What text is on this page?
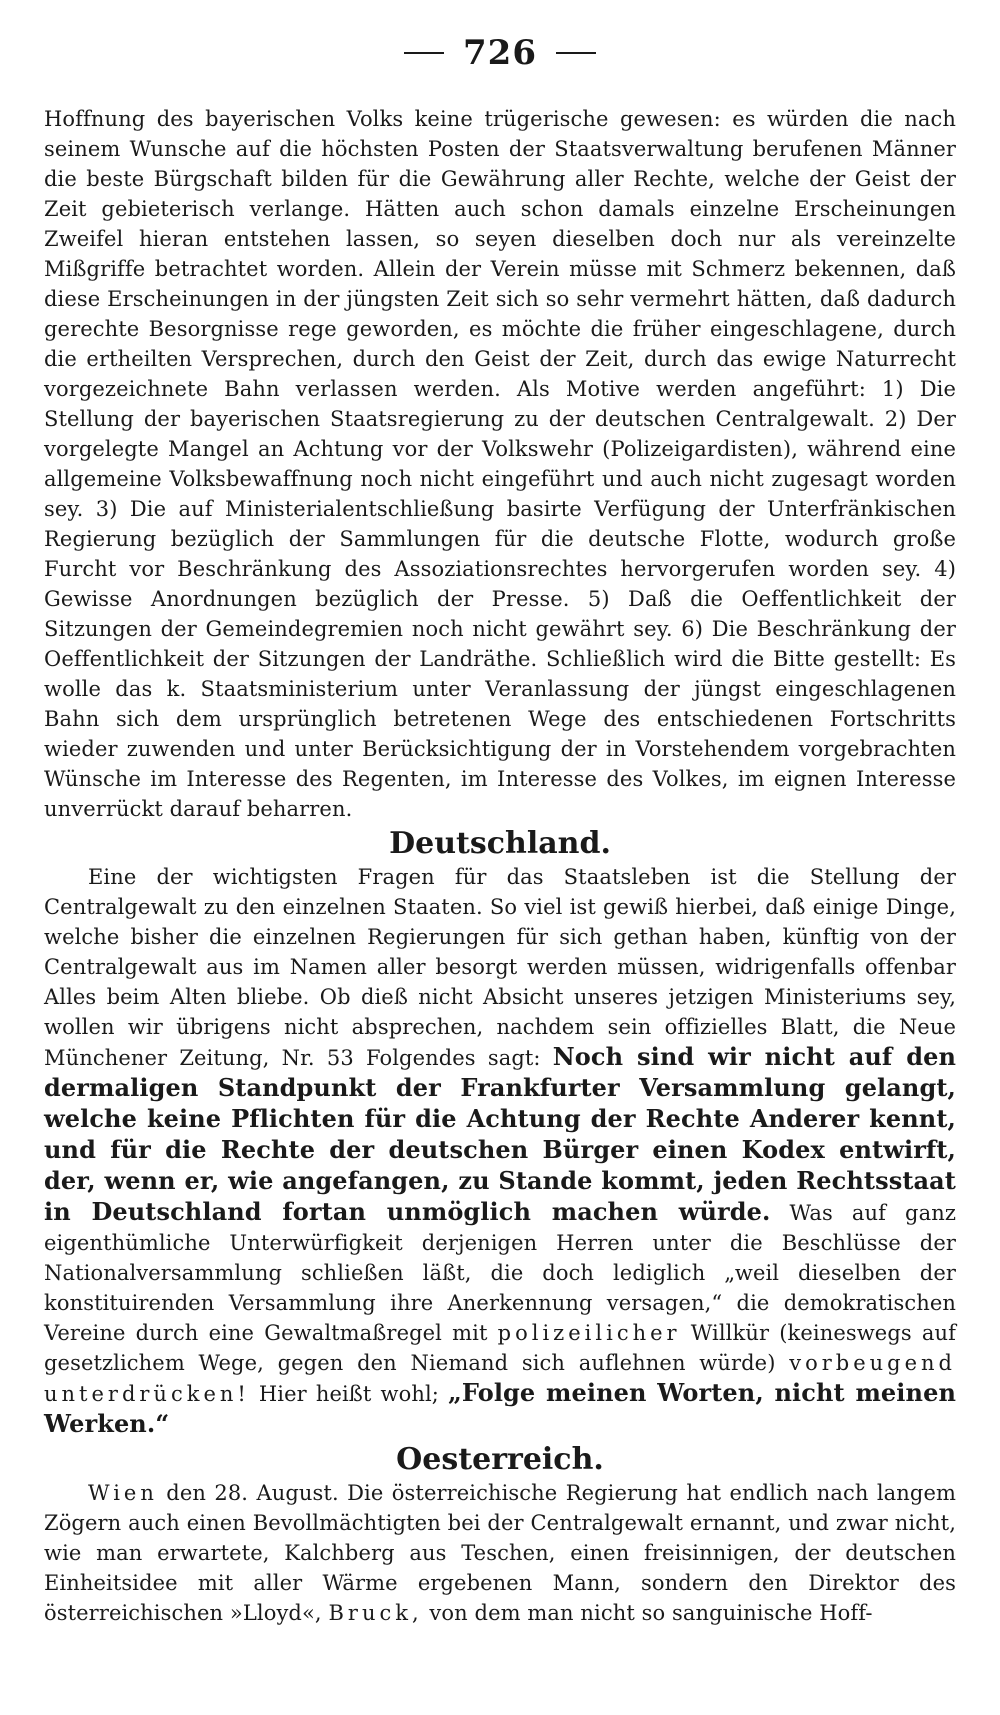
726

Hoffnung des bayerischen Volks keine trügerische gewesen: es würden die nach seinem Wunsche auf die höchsten Posten der Staatsverwaltung berufenen Männer die beste Bürgschaft bilden für die Gewährung aller Rechte, welche der Geist der Zeit gebieterisch verlange. Hätten auch schon damals einzelne Erscheinungen Zweifel hieran entstehen lassen, so seyen dieselben doch nur als vereinzelte Mißgriffe betrachtet worden. Allein der Verein müsse mit Schmerz bekennen, daß diese Erscheinungen in der jüngsten Zeit sich so sehr vermehrt hätten, daß dadurch gerechte Besorgnisse rege geworden, es möchte die früher eingeschlagene, durch die ertheilten Versprechen, durch den Geist der Zeit, durch das ewige Naturrecht vorgezeichnete Bahn verlassen werden. Als Motive werden angeführt: 1) Die Stellung der bayerischen Staatsregierung zu der deutschen Centralgewalt. 2) Der vorgelegte Mangel an Achtung vor der Volkswehr (Polizeigardisten), während eine allgemeine Volksbewaffnung noch nicht eingeführt und auch nicht zugesagt worden sey. 3) Die auf Ministerialentschließung basirte Verfügung der Unterfränkischen Regierung bezüglich der Sammlungen für die deutsche Flotte, wodurch große Furcht vor Beschränkung des Assoziationsrechtes hervorgerufen worden sey. 4) Gewisse Anordnungen bezüglich der Presse. 5) Daß die Oeffentlichkeit der Sitzungen der Gemeindegremien noch nicht gewährt sey. 6) Die Beschränkung der Oeffentlichkeit der Sitzungen der Landräthe. Schließlich wird die Bitte gestellt: Es wolle das k. Staatsministerium unter Veranlassung der jüngst eingeschlagenen Bahn sich dem ursprünglich betretenen Wege des entschiedenen Fortschritts wieder zuwenden und unter Berücksichtigung der in Vorstehendem vorgebrachten Wünsche im Interesse des Regenten, im Interesse des Volkes, im eignen Interesse unverrückt darauf beharren.

Deutschland.

Eine der wichtigsten Fragen für das Staatsleben ist die Stellung der Centralgewalt zu den einzelnen Staaten. So viel ist gewiß hierbei, daß einige Dinge, welche bisher die einzelnen Regierungen für sich gethan haben, künftig von der Centralgewalt aus im Namen aller besorgt werden müssen, widrigenfalls offenbar Alles beim Alten bliebe. Ob dieß nicht Absicht unseres jetzigen Ministeriums sey, wollen wir übrigens nicht absprechen, nachdem sein offizielles Blatt, die Neue Münchener Zeitung, Nr. 53 Folgendes sagt: Noch sind wir nicht auf den dermaligen Standpunkt der Frankfurter Versammlung gelangt, welche keine Pflichten für die Achtung der Rechte Anderer kennt, und für die Rechte der deutschen Bürger einen Kodex entwirft, der, wenn er, wie angefangen, zu Stande kommt, jeden Rechtsstaat in Deutschland fortan unmöglich machen würde. Was auf ganz eigenthümliche Unterwürfigkeit derjenigen Herren unter die Beschlüsse der Nationalversammlung schließen läßt, die doch lediglich „weil dieselben der konstituirenden Versammlung ihre Anerkennung versagen,“ die demokratischen Vereine durch eine Gewaltmaßregel mit polizeilicher Willkür (keineswegs auf gesetzlichem Wege, gegen den Niemand sich auflehnen würde) vorbeugend unterdrücken! Hier heißt wohl; „Folge meinen Worten, nicht meinen Werken.“

Oesterreich.

Wien den 28. August. Die österreichische Regierung hat endlich nach langem Zögern auch einen Bevollmächtigten bei der Centralgewalt ernannt, und zwar nicht, wie man erwartete, Kalchberg aus Teschen, einen freisinnigen, der deutschen Einheitsidee mit aller Wärme ergebenen Mann, sondern den Direktor des österreichischen »Lloyd«, Bruck, von dem man nicht so sanguinische Hoff-
